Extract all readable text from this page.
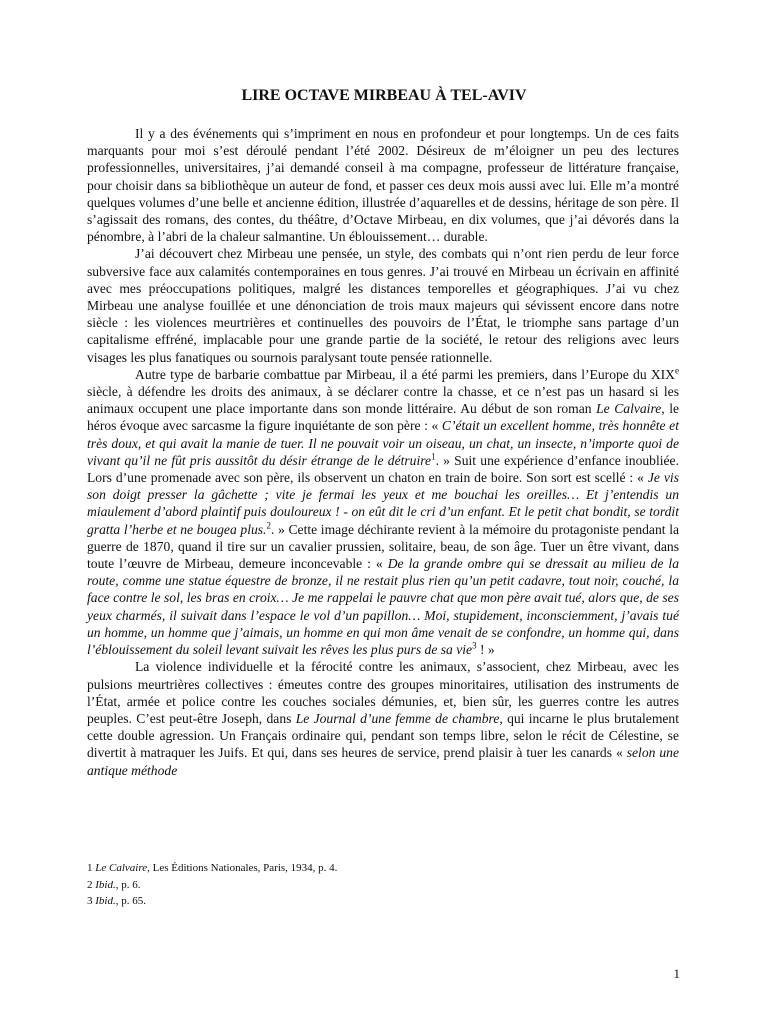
LIRE OCTAVE MIRBEAU À TEL-AVIV

Il y a des événements qui s’impriment en nous en profondeur et pour longtemps. Un de ces faits marquants pour moi s’est déroulé pendant l’été 2002. Désireux de m’éloigner un peu des lectures professionnelles, universitaires, j’ai demandé conseil à ma compagne, professeur de littérature française, pour choisir dans sa bibliothèque un auteur de fond, et passer ces deux mois aussi avec lui. Elle m’a montré quelques volumes d’une belle et ancienne édition, illustrée d’aquarelles et de dessins, héritage de son père. Il s’agissait des romans, des contes, du théâtre, d’Octave Mirbeau, en dix volumes, que j’ai dévorés dans la pénombre, à l’abri de la chaleur salmantine. Un éblouissement… durable.

J’ai découvert chez Mirbeau une pensée, un style, des combats qui n’ont rien perdu de leur force subversive face aux calamités contemporaines en tous genres. J’ai trouvé en Mirbeau un écrivain en affinité avec mes préoccupations politiques, malgré les distances temporelles et géographiques. J’ai vu chez Mirbeau une analyse fouillée et une dénonciation de trois maux majeurs qui sévissent encore dans notre siècle : les violences meurtrières et continuelles des pouvoirs de l’État, le triomphe sans partage d’un capitalisme effréné, implacable pour une grande partie de la société, le retour des religions avec leurs visages les plus fanatiques ou sournois paralysant toute pensée rationnelle.

Autre type de barbarie combattue par Mirbeau, il a été parmi les premiers, dans l’Europe du XIXe siècle, à défendre les droits des animaux, à se déclarer contre la chasse, et ce n’est pas un hasard si les animaux occupent une place importante dans son monde littéraire. Au début de son roman Le Calvaire, le héros évoque avec sarcasme la figure inquiétante de son père : « C’était un excellent homme, très honnête et très doux, et qui avait la manie de tuer. Il ne pouvait voir un oiseau, un chat, un insecte, n’importe quoi de vivant qu’il ne fût pris aussitôt du désir étrange de le détruire$^1$. » Suit une expérience d’enfance inoubliée. Lors d’une promenade avec son père, ils observent un chaton en train de boire. Son sort est scellé : « Je vis son doigt presser la gâchette ; vite je fermai les yeux et me bouchai les oreilles… Et j’entendis un miaulement d’abord plaintif puis douloureux ! - on eût dit le cri d’un enfant. Et le petit chat bondit, se tordit gratta l’herbe et ne bougea plus.$^2$. » Cette image déchirante revient à la mémoire du protagoniste pendant la guerre de 1870, quand il tire sur un cavalier prussien, solitaire, beau, de son âge. Tuer un être vivant, dans toute l’œuvre de Mirbeau, demeure inconcevable : « De la grande ombre qui se dressait au milieu de la route, comme une statue équestre de bronze, il ne restait plus rien qu’un petit cadavre, tout noir, couché, la face contre le sol, les bras en croix… Je me rappelai le pauvre chat que mon père avait tué, alors que, de ses yeux charmés, il suivait dans l’espace le vol d’un papillon… Moi, stupidement, inconsciemment, j’avais tué un homme, un homme que j’aimais, un homme en qui mon âme venait de se confondre, un homme qui, dans l’éblouissement du soleil levant suivait les rêves les plus purs de sa vie$^3$ ! »

La violence individuelle et la férocité contre les animaux, s’associent, chez Mirbeau, avec les pulsions meurtrières collectives : émeutes contre des groupes minoritaires, utilisation des instruments de l’État, armée et police contre les couches sociales démunies, et, bien sûr, les guerres contre les autres peuples. C’est peut-être Joseph, dans Le Journal d’une femme de chambre, qui incarne le plus brutalement cette double agression. Un Français ordinaire qui, pendant son temps libre, selon le récit de Célestine, se divertit à matraquer les Juifs. Et qui, dans ses heures de service, prend plaisir à tuer les canards « selon une antique méthode

1 Le Calvaire, Les Éditions Nationales, Paris, 1934, p. 4.
2 Ibid., p. 6.
3 Ibid., p. 65.
1
